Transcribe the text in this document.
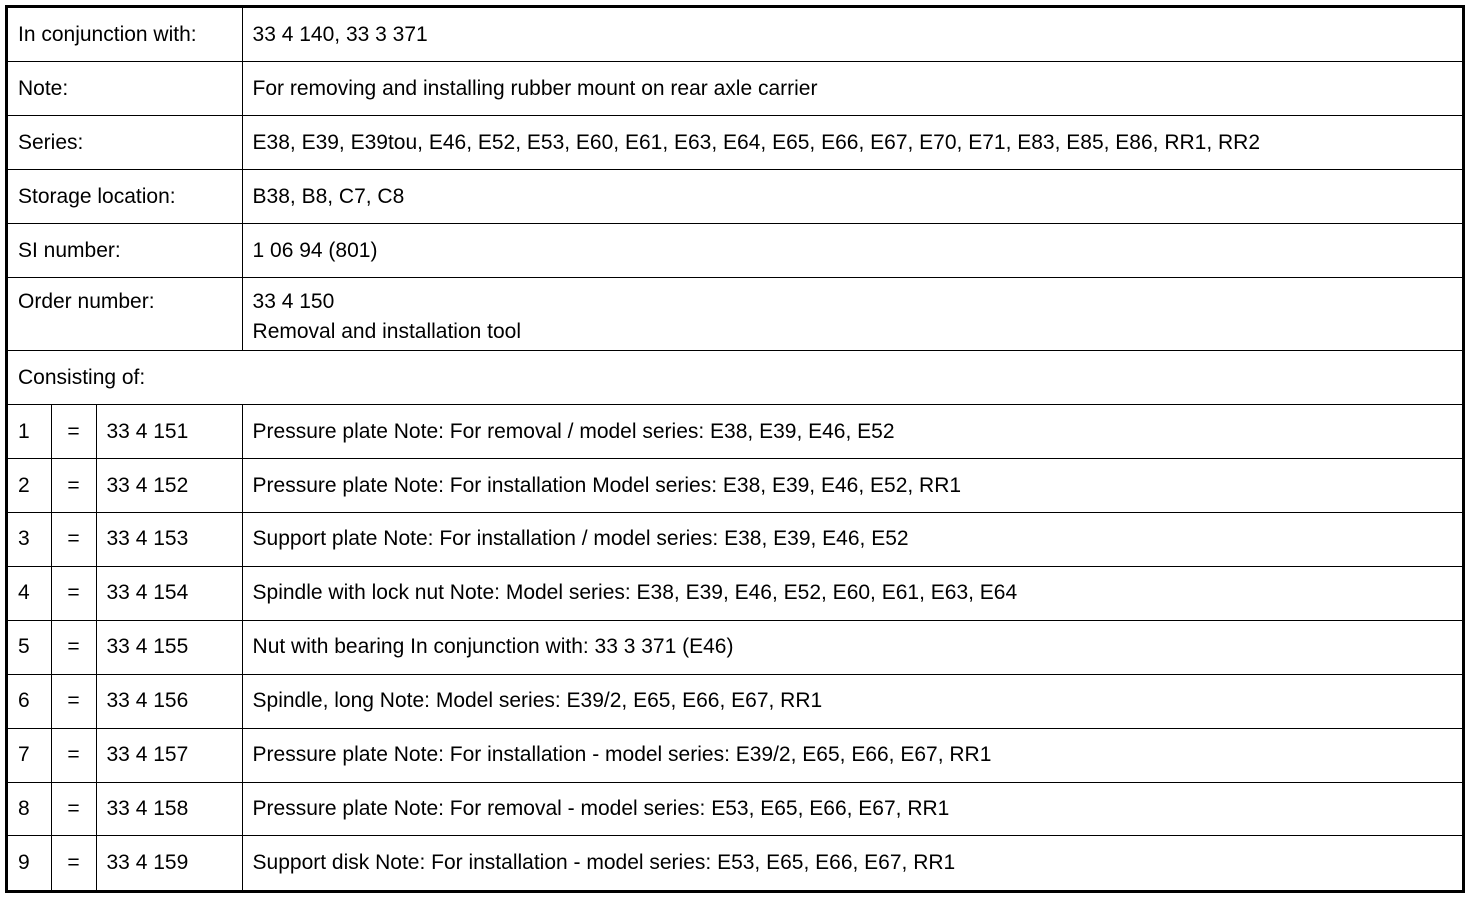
In conjunction with:			33 4 140, 33 3 371
Note:			For removing and installing rubber mount on rear axle carrier
Series:			E38, E39, E39tou, E46, E52, E53, E60, E61, E63, E64, E65, E66, E67, E70, E71, E83, E85, E86, RR1, RR2
Storage location:			B38, B8, C7, C8
SI number:			1 06 94 (801)
Order number:			33 4 150
Removal and installation tool

Consisting of:			
1	=	33 4 151	Pressure plate Note: For removal / model series: E38, E39, E46, E52
2	=	33 4 152	Pressure plate Note: For installation Model series: E38, E39, E46, E52, RR1
3	=	33 4 153	Support plate Note: For installation / model series: E38, E39, E46, E52
4	=	33 4 154	Spindle with lock nut Note: Model series: E38, E39, E46, E52, E60, E61, E63, E64
5	=	33 4 155	Nut with bearing In conjunction with: 33 3 371 (E46)
6	=	33 4 156	Spindle, long Note: Model series: E39/2, E65, E66, E67, RR1
7	=	33 4 157	Pressure plate Note: For installation - model series: E39/2, E65, E66, E67, RR1
8	=	33 4 158	Pressure plate Note: For removal - model series: E53, E65, E66, E67, RR1
9	=	33 4 159	Support disk Note: For installation - model series: E53, E65, E66, E67, RR1
